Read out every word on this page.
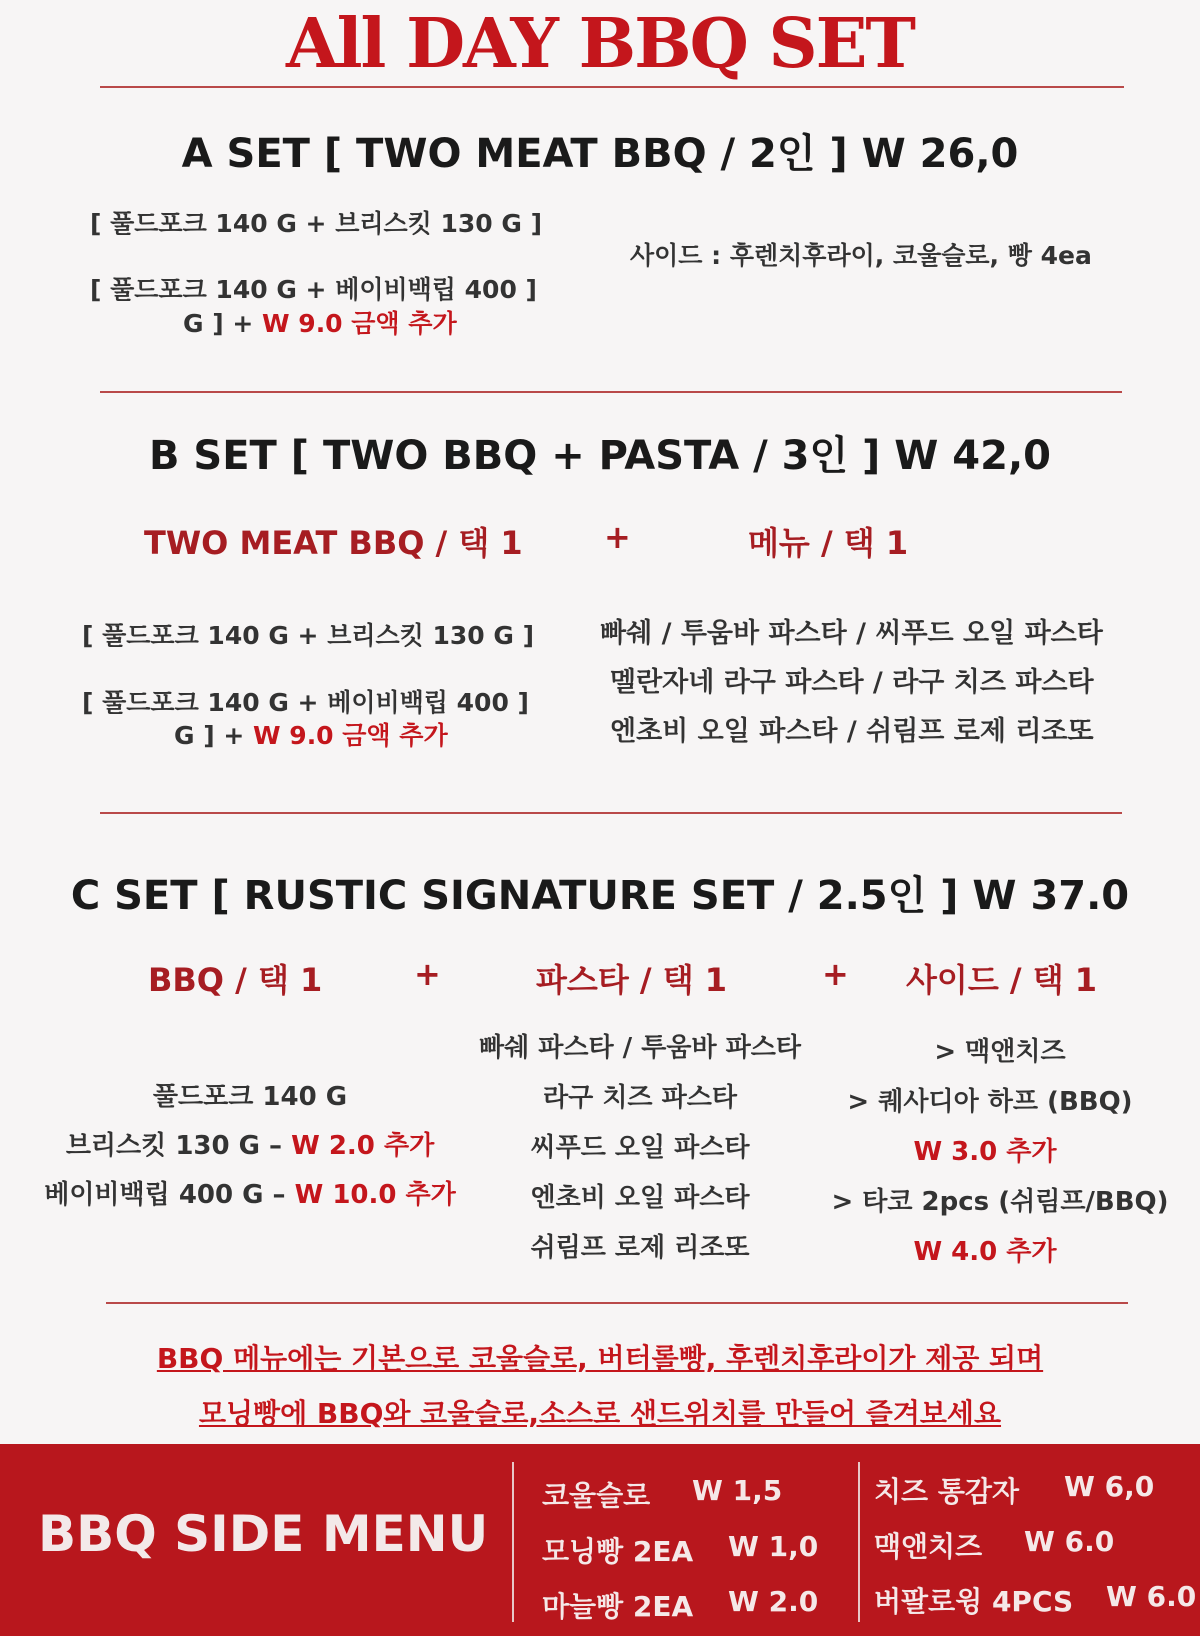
All DAY BBQ SET
A SET [ TWO MEAT BBQ / 2인 ] W 26,0
[ 풀드포크 140 G + 브리스킷 130 G ]
[ 풀드포크 140 G + 베이비백립 400 ]
G ] + W 9.0 금액 추가
사이드 : 후렌치후라이, 코울슬로, 빵 4ea
B SET [ TWO BBQ + PASTA / 3인 ] W 42,0
TWO MEAT BBQ / 택 1	+	메뉴 / 택 1
[ 풀드포크 140 G + 브리스킷 130 G ]
[ 풀드포크 140 G + 베이비백립 400 ]
G ] + W 9.0 금액 추가
빠쉐 / 투움바 파스타 / 씨푸드 오일 파스타
멜란자네 라구 파스타 / 라구 치즈 파스타
엔초비 오일 파스타 / 쉬림프 로제 리조또
C SET [ RUSTIC SIGNATURE SET / 2.5인 ] W 37.0
BBQ / 택 1	+	파스타 / 택 1	+ 사이드 / 택 1
풀드포크 140 G
브리스킷 130 G – W 2.0 추가
베이비백립 400 G – W 10.0 추가
빠쉐 파스타 / 투움바 파스타
라구 치즈 파스타
씨푸드 오일 파스타
엔초비 오일 파스타
쉬림프 로제 리조또
> 맥앤치즈
> 퀘사디아 하프 (BBQ)
W 3.0 추가
> 타코 2pcs (쉬림프/BBQ)
W 4.0 추가
BBQ 메뉴에는 기본으로 코울슬로, 버터롤빵, 후렌치후라이가 제공 되며
모닝빵에 BBQ와 코울슬로,소스로 샌드위치를 만들어 즐겨보세요
BBQ SIDE MENU
코울슬로 W 1,5
모닝빵 2EA W 1,0
마늘빵 2EA W 2.0
치즈 통감자 W 6,0
맥앤치즈 W 6.0
버팔로윙 4PCS W 6.0
